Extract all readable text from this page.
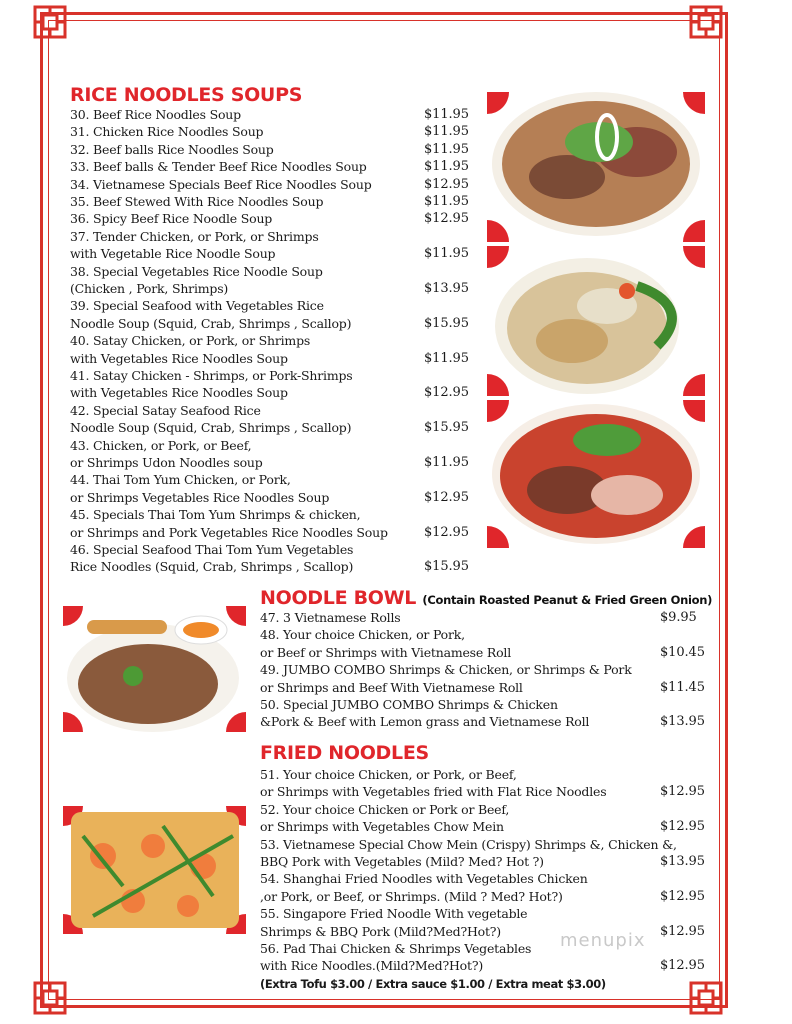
RICE NOODLES SOUPS
30. Beef Rice Noodles Soup	$11.95
31. Chicken Rice Noodles Soup	$11.95
32. Beef balls Rice Noodles Soup	$11.95
33. Beef balls & Tender Beef Rice Noodles Soup	$11.95
34. Vietnamese Specials Beef Rice Noodles Soup	$12.95
35. Beef Stewed With Rice Noodles Soup	$11.95
36. Spicy Beef Rice Noodle Soup	$12.95
37. Tender Chicken, or Pork, or Shrimps
with Vegetable Rice Noodle Soup	$11.95
38. Special Vegetables Rice Noodle Soup
(Chicken , Pork, Shrimps)	$13.95
39. Special Seafood with Vegetables Rice
Noodle Soup (Squid, Crab, Shrimps , Scallop)	$15.95
40. Satay Chicken, or Pork, or Shrimps
with Vegetables Rice Noodles Soup	$11.95
41. Satay Chicken - Shrimps, or Pork-Shrimps
with Vegetables Rice Noodles Soup	$12.95
42. Special Satay Seafood Rice
Noodle Soup (Squid, Crab, Shrimps , Scallop)	$15.95
43. Chicken, or Pork, or Beef,
or Shrimps Udon Noodles soup	$11.95
44. Thai Tom Yum Chicken, or Pork,
or Shrimps Vegetables Rice Noodles Soup	$12.95
45. Specials Thai Tom Yum Shrimps & chicken,
or Shrimps and Pork Vegetables Rice Noodles Soup	$12.95
46. Special Seafood Thai Tom Yum Vegetables
Rice Noodles (Squid, Crab, Shrimps , Scallop)	$15.95
NOODLE BOWL (Contain Roasted Peanut & Fried Green Onion)
47. 3 Vietnamese Rolls	$9.95
48. Your choice Chicken, or Pork,
or Beef or Shrimps with Vietnamese Roll	$10.45
49. JUMBO COMBO Shrimps & Chicken, or Shrimps & Pork
or Shrimps and Beef With Vietnamese Roll	$11.45
50. Special JUMBO COMBO Shrimps & Chicken
&Pork & Beef with Lemon grass and Vietnamese Roll	$13.95
FRIED NOODLES
51. Your choice Chicken, or Pork, or Beef,
or Shrimps with Vegetables fried with Flat Rice Noodles	$12.95
52. Your choice Chicken or Pork or Beef,
or Shrimps with Vegetables Chow Mein	$12.95
53. Vietnamese Special Chow Mein (Crispy) Shrimps &, Chicken &,
BBQ Pork with Vegetables (Mild? Med? Hot ?)	$13.95
54. Shanghai Fried Noodles with Vegetables Chicken
,or Pork, or Beef, or Shrimps. (Mild ? Med? Hot?)	$12.95
55. Singapore Fried Noodle With vegetable
Shrimps & BBQ Pork (Mild?Med?Hot?)	$12.95
56. Pad Thai Chicken & Shrimps Vegetables
with Rice Noodles.(Mild?Med?Hot?)	$12.95
(Extra Tofu $3.00 / Extra sauce $1.00 / Extra meat $3.00)
menupix
